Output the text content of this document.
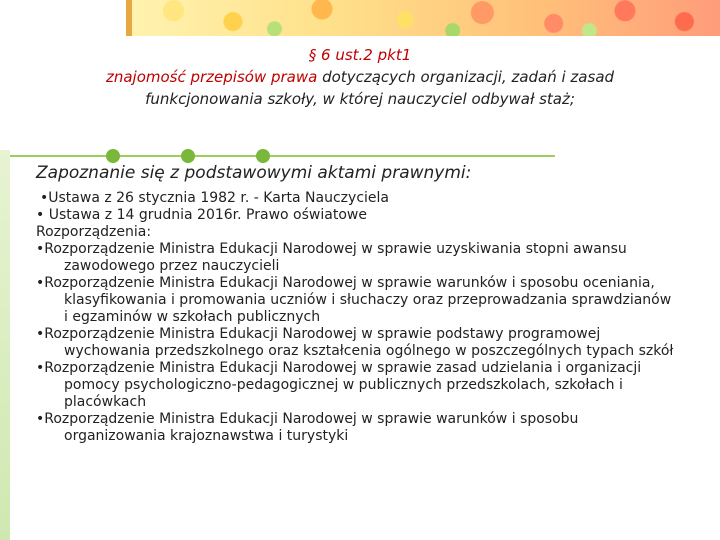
§ 6 ust.2 pkt1
znajomość przepisów prawa dotyczących organizacji, zadań i zasad funkcjonowania szkoły, w której nauczyciel odbywał staż;
Zapoznanie się z podstawowymi aktami prawnymi:
•Ustawa z 26 stycznia 1982 r. - Karta Nauczyciela
• Ustawa z 14 grudnia 2016r. Prawo oświatowe
Rozporządzenia:
•Rozporządzenie Ministra Edukacji Narodowej w sprawie uzyskiwania stopni awansu zawodowego przez nauczycieli
•Rozporządzenie Ministra Edukacji Narodowej w sprawie warunków i sposobu oceniania, klasyfikowania i promowania uczniów i słuchaczy oraz przeprowadzania sprawdzianów i egzaminów w szkołach publicznych
•Rozporządzenie Ministra Edukacji Narodowej w sprawie podstawy programowej wychowania przedszkolnego oraz kształcenia ogólnego w poszczególnych typach szkół
•Rozporządzenie Ministra Edukacji Narodowej w sprawie zasad udzielania i organizacji pomocy psychologiczno-pedagogicznej w publicznych przedszkolach, szkołach i placówkach
•Rozporządzenie Ministra Edukacji Narodowej w sprawie warunków i sposobu organizowania krajoznawstwa i turystyki
